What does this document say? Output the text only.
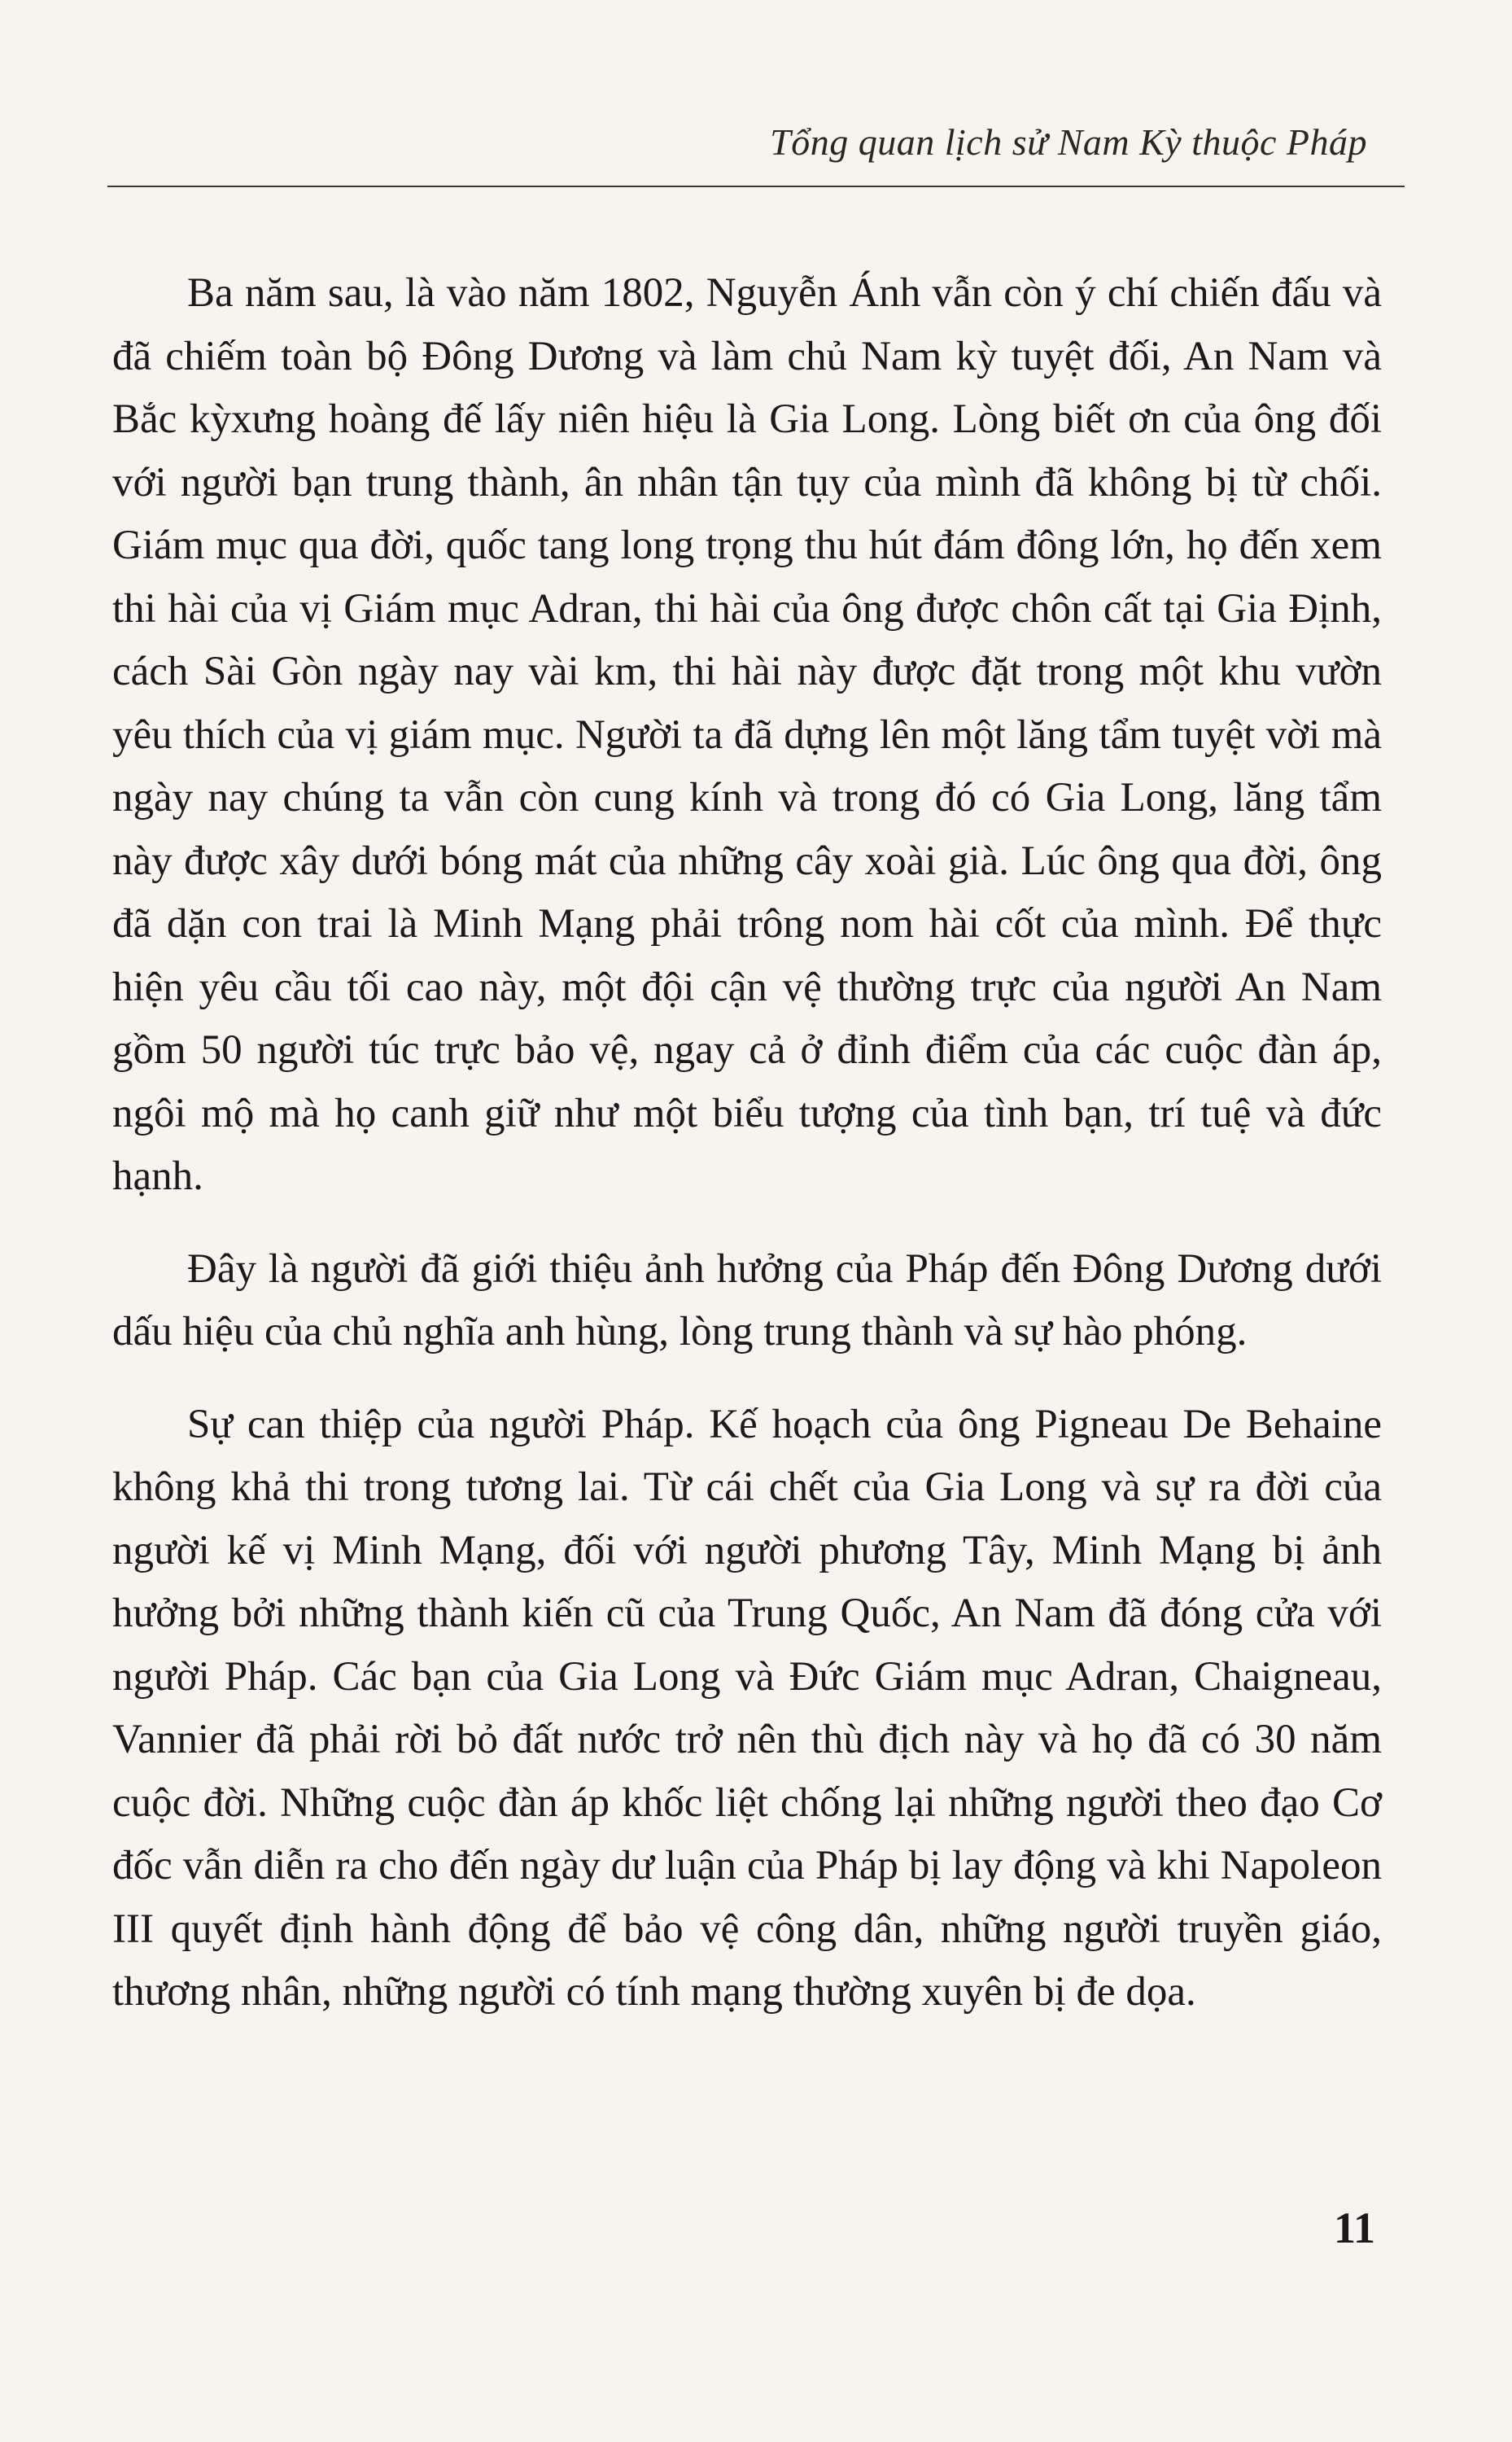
Tổng quan lịch sử Nam Kỳ thuộc Pháp

Ba năm sau, là vào năm 1802, Nguyễn Ánh vẫn còn ý chí chiến đấu và đã chiếm toàn bộ Đông Dương và làm chủ Nam kỳ tuyệt đối, An Nam và Bắc kỳxưng hoàng đế lấy niên hiệu là Gia Long. Lòng biết ơn của ông đối với người bạn trung thành, ân nhân tận tụy của mình đã không bị từ chối. Giám mục qua đời, quốc tang long trọng thu hút đám đông lớn, họ đến xem thi hài của vị Giám mục Adran, thi hài của ông được chôn cất tại Gia Định, cách Sài Gòn ngày nay vài km, thi hài này được đặt trong một khu vườn yêu thích của vị giám mục. Người ta đã dựng lên một lăng tẩm tuyệt vời mà ngày nay chúng ta vẫn còn cung kính và trong đó có Gia Long, lăng tẩm này được xây dưới bóng mát của những cây xoài già. Lúc ông qua đời, ông đã dặn con trai là Minh Mạng phải trông nom hài cốt của mình. Để thực hiện yêu cầu tối cao này, một đội cận vệ thường trực của người An Nam gồm 50 người túc trực bảo vệ, ngay cả ở đỉnh điểm của các cuộc đàn áp, ngôi mộ mà họ canh giữ như một biểu tượng của tình bạn, trí tuệ và đức hạnh.

Đây là người đã giới thiệu ảnh hưởng của Pháp đến Đông Dương dưới dấu hiệu của chủ nghĩa anh hùng, lòng trung thành và sự hào phóng.

Sự can thiệp của người Pháp. Kế hoạch của ông Pigneau De Behaine không khả thi trong tương lai. Từ cái chết của Gia Long và sự ra đời của người kế vị Minh Mạng, đối với người phương Tây, Minh Mạng bị ảnh hưởng bởi những thành kiến cũ của Trung Quốc, An Nam đã đóng cửa với người Pháp. Các bạn của Gia Long và Đức Giám mục Adran, Chaigneau, Vannier đã phải rời bỏ đất nước trở nên thù địch này và họ đã có 30 năm cuộc đời. Những cuộc đàn áp khốc liệt chống lại những người theo đạo Cơ đốc vẫn diễn ra cho đến ngày dư luận của Pháp bị lay động và khi Napoleon III quyết định hành động để bảo vệ công dân, những người truyền giáo, thương nhân, những người có tính mạng thường xuyên bị đe dọa.

11
